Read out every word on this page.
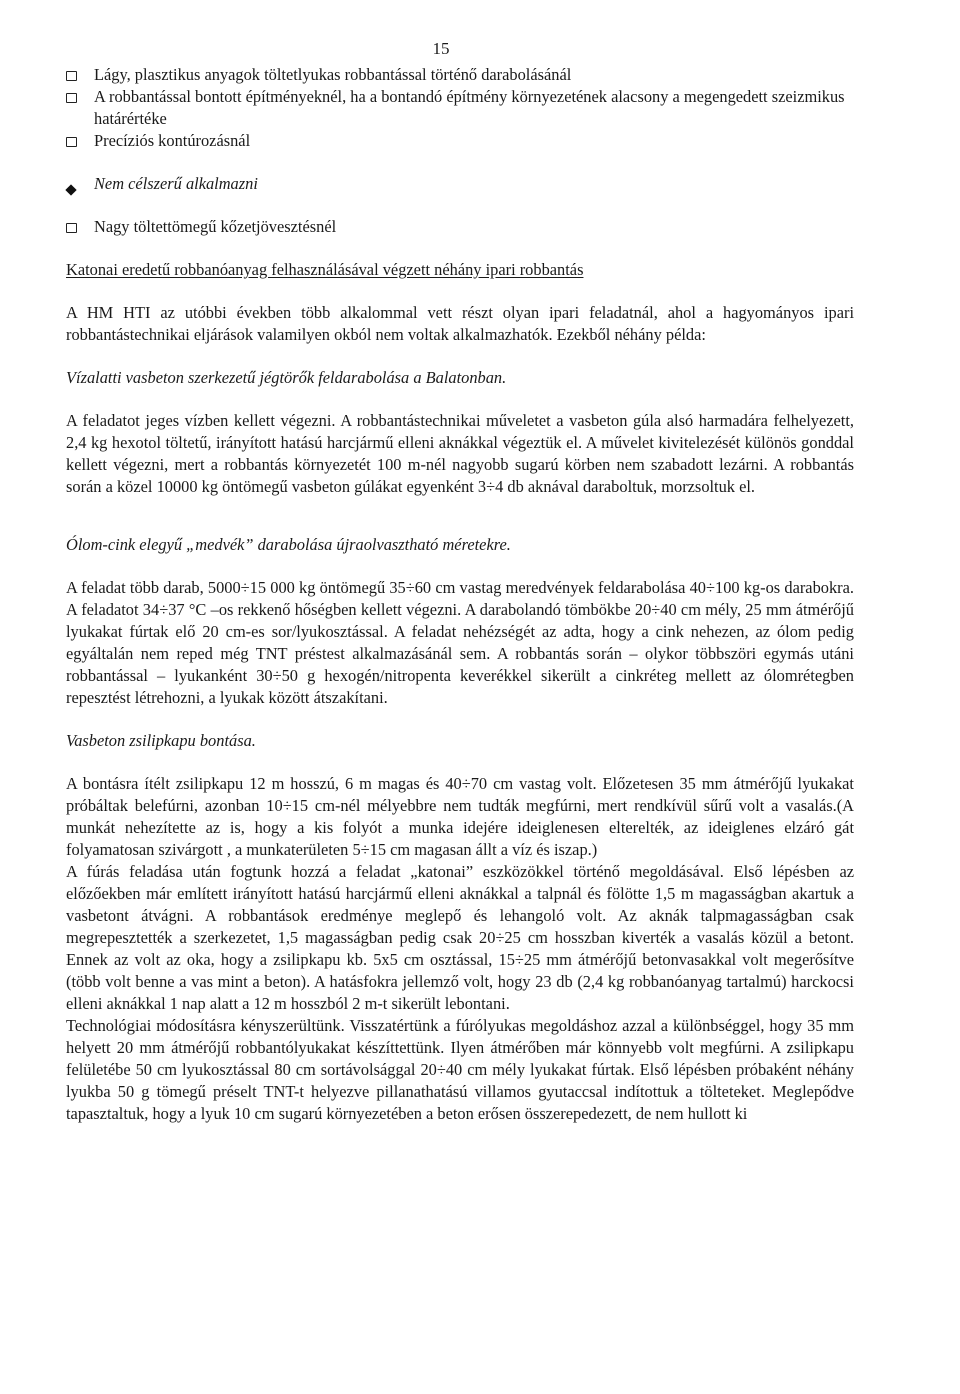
15
Lágy, plasztikus anyagok töltetlyukas robbantással történő darabolásánál
A robbantással bontott építményeknél, ha a bontandó építmény környezetének alacsony a megengedett szeizmikus határértéke
Precíziós kontúrozásnál
Nem célszerű alkalmazni
Nagy töltettömegű kőzetjövesztésnél

Katonai eredetű robbanóanyag felhasználásával végzett néhány ipari robbantás

A HM HTI az utóbbi években több alkalommal vett részt olyan ipari feladatnál, ahol a hagyományos ipari robbantástechnikai eljárások valamilyen okból nem voltak alkalmazhatók. Ezekből néhány példa:

Vízalatti vasbeton szerkezetű jégtörők feldarabolása a Balatonban.

A feladatot jeges vízben kellett végezni. A robbantástechnikai műveletet a vasbeton gúla alsó harmadára felhelyezett, 2,4 kg hexotol töltetű, irányított hatású harcjármű elleni aknákkal végeztük el. A művelet kivitelezését különös gonddal kellett végezni, mert a robbantás környezetét 100 m-nél nagyobb sugarú körben nem szabadott lezárni. A robbantás során a közel 10000 kg öntömegű vasbeton gúlákat egyenként 3÷4 db aknával daraboltuk, morzsoltuk el.

Ólom-cink elegyű „medvék” darabolása újraolvasztható méretekre.

A feladat több darab, 5000÷15 000 kg öntömegű 35÷60 cm vastag meredvények feldarabolása 40÷100 kg-os darabokra. A feladatot 34÷37 °C –os rekkenő hőségben kellett végezni. A darabolandó tömbökbe 20÷40 cm mély, 25 mm átmérőjű lyukakat fúrtak elő 20 cm-es sor/lyukosztással. A feladat nehézségét az adta, hogy a cink nehezen, az ólom pedig egyáltalán nem reped még TNT préstest alkalmazásánál sem. A robbantás során – olykor többszöri egymás utáni robbantással – lyukanként 30÷50 g hexogén/nitropenta keverékkel sikerült a cinkréteg mellett az ólomrétegben repesztést létrehozni, a lyukak között átszakítani.

Vasbeton zsilipkapu bontása.

A bontásra ítélt zsilipkapu 12 m hosszú, 6 m magas és 40÷70 cm vastag volt. Előzetesen 35 mm átmérőjű lyukakat próbáltak belefúrni, azonban 10÷15 cm-nél mélyebbre nem tudták megfúrni, mert rendkívül sűrű volt a vasalás.(A munkát nehezítette az is, hogy a kis folyót a munka idejére ideiglenesen elterelték, az ideiglenes elzáró gát folyamatosan szivárgott , a munkaterületen 5÷15 cm magasan állt a víz és iszap.)

A fúrás feladása után fogtunk hozzá a feladat „katonai” eszközökkel történő megoldásával. Első lépésben az előzőekben már említett irányított hatású harcjármű elleni aknákkal a talpnál és fölötte 1,5 m magasságban akartuk a vasbetont átvágni. A robbantások eredménye meglepő és lehangoló volt. Az aknák talpmagasságban csak megrepesztették a szerkezetet, 1,5 magasságban pedig csak 20÷25 cm hosszban kiverték a vasalás közül a betont. Ennek az volt az oka, hogy a zsilipkapu kb. 5x5 cm osztással, 15÷25 mm átmérőjű betonvasakkal volt megerősítve (több volt benne a vas mint a beton). A hatásfokra jellemző volt, hogy 23 db (2,4 kg robbanóanyag tartalmú) harckocsi elleni aknákkal 1 nap alatt a 12 m hosszból 2 m-t sikerült lebontani.

Technológiai módosításra kényszerültünk. Visszatértünk a fúrólyukas megoldáshoz azzal a különbséggel, hogy 35 mm helyett 20 mm átmérőjű robbantólyukakat készíttettünk. Ilyen átmérőben már könnyebb volt megfúrni. A zsilipkapu felületébe 50 cm lyukosztással 80 cm sortávolsággal 20÷40 cm mély lyukakat fúrtak. Első lépésben próbaként néhány lyukba 50 g tömegű préselt TNT-t helyezve pillanathatású villamos gyutaccsal indítottuk a tölteteket. Meglepődve tapasztaltuk, hogy a lyuk 10 cm sugarú környezetében a beton erősen összerepedezett, de nem hullott ki
